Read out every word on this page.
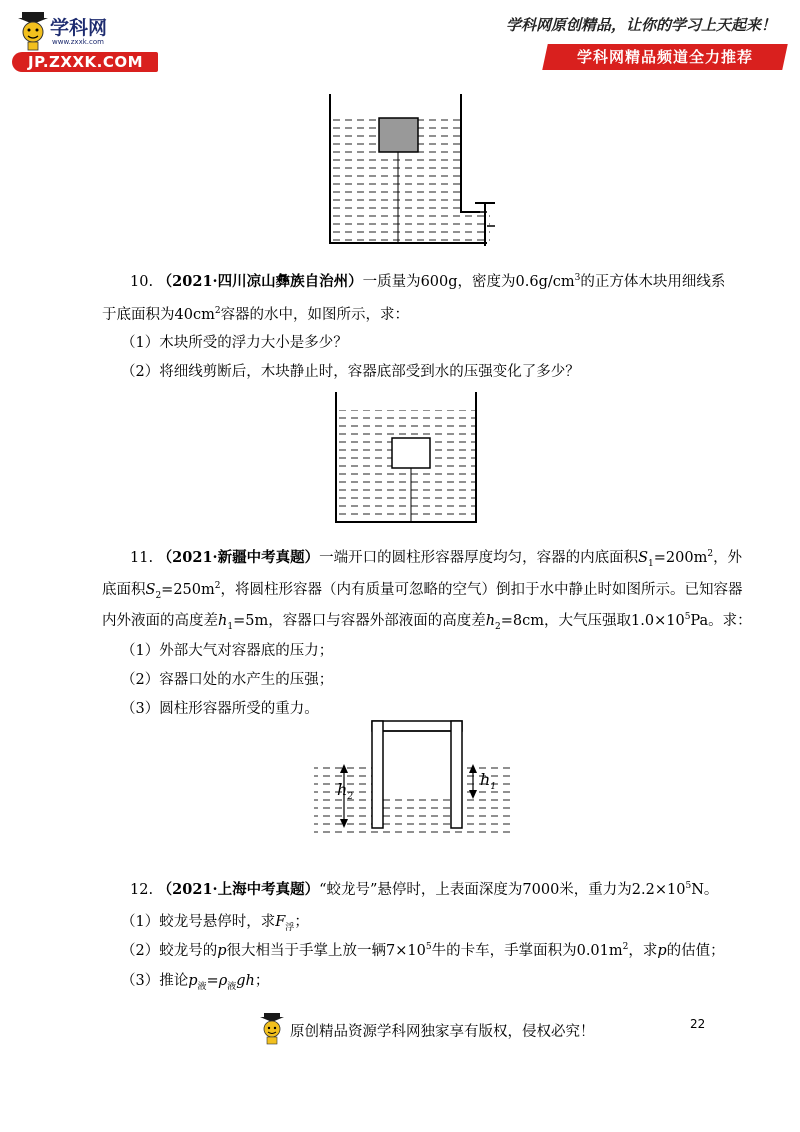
学科网
www.zxxk.com
JP.ZXXK.COM
学科网原创精品，让你的学习上天起来！
学科网精品频道全力推荐
10. （2021·四川凉山彝族自治州）一质量为600g，密度为$0.6g/cm^3$的正方体木块用细线系
于底面积为$40cm^2$容器的水中，如图所示，求：
（1）木块所受的浮力大小是多少？
（2）将细线剪断后，木块静止时，容器底部受到水的压强变化了多少？
11. （2021·新疆中考真题）一端开口的圆柱形容器厚度均匀，容器的内底面积$S_1=200m^2$，外
底面积$S_2=250m^2$，将圆柱形容器（内有质量可忽略的空气）倒扣于水中静止时如图所示。已知容器
内外液面的高度差$h_1=5m$，容器口与容器外部液面的高度差$h_2=8cm$，大气压强取$1.0\times 10^5Pa$。求：
（1）外部大气对容器底的压力；
（2）容器口处的水产生的压强；
（3）圆柱形容器所受的重力。
$h_2$
$h_1$
12. （2021·上海中考真题）“蛟龙号”悬停时，上表面深度为7000米，重力为$2.2\times 10^5N$。
（1）蛟龙号悬停时，求$F_浮$；
（2）蛟龙号的p很大相当于手掌上放一辆$7\times 10^5$牛的卡车，手掌面积为$0.01m^2$，求p的估值；
（3）推论$p_液=\rho_液gh$；
22
原创精品资源学科网独家享有版权，侵权必究！
